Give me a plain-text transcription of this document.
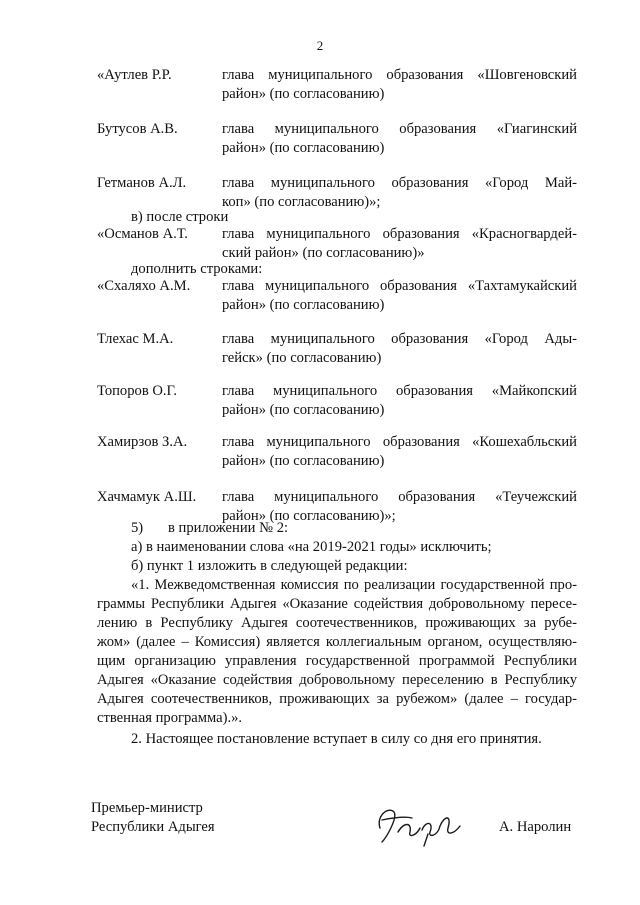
2
«Аутлев Р.Р.	глава муниципального образования «Шовгеновский
район» (по согласованию)
Бутусов А.В.	глава муниципального образования «Гиагинский
район» (по согласованию)
Гетманов А.Л. глава муниципального образования «Город Май-
коп» (по согласованию)»;
в) после строки
«Османов А.Т. глава муниципального образования «Красногвардей-
ский район» (по согласованию)»
дополнить строками:
«Схаляхо А.М. глава муниципального образования «Тахтамукайский
район» (по согласованию)
Тлехас М.А.	глава муниципального образования «Город Ады-
гейск» (по согласованию)
Топоров О.Г.	глава муниципального образования «Майкопский
район» (по согласованию)
Хамирзов З.А. глава муниципального образования «Кошехабльский
район» (по согласованию)
Хачмамук А.Ш. глава муниципального образования «Теучежский
район» (по согласованию)»;
5) в приложении № 2:
а) в наименовании слова «на 2019-2021 годы» исключить;
б) пункт 1 изложить в следующей редакции:
«1. Межведомственная комиссия по реализации государственной про-
граммы Республики Адыгея «Оказание содействия добровольному пересе-
лению в Республику Адыгея соотечественников, проживающих за рубе-
жом» (далее – Комиссия) является коллегиальным органом, осуществляю-
щим организацию управления государственной программой Республики
Адыгея «Оказание содействия добровольному переселению в Республику
Адыгея соотечественников, проживающих за рубежом» (далее – государ-
ственная программа).».
2. Настоящее постановление вступает в силу со дня его принятия.
Премьер-министр
Республики Адыгея	А. Наролин
